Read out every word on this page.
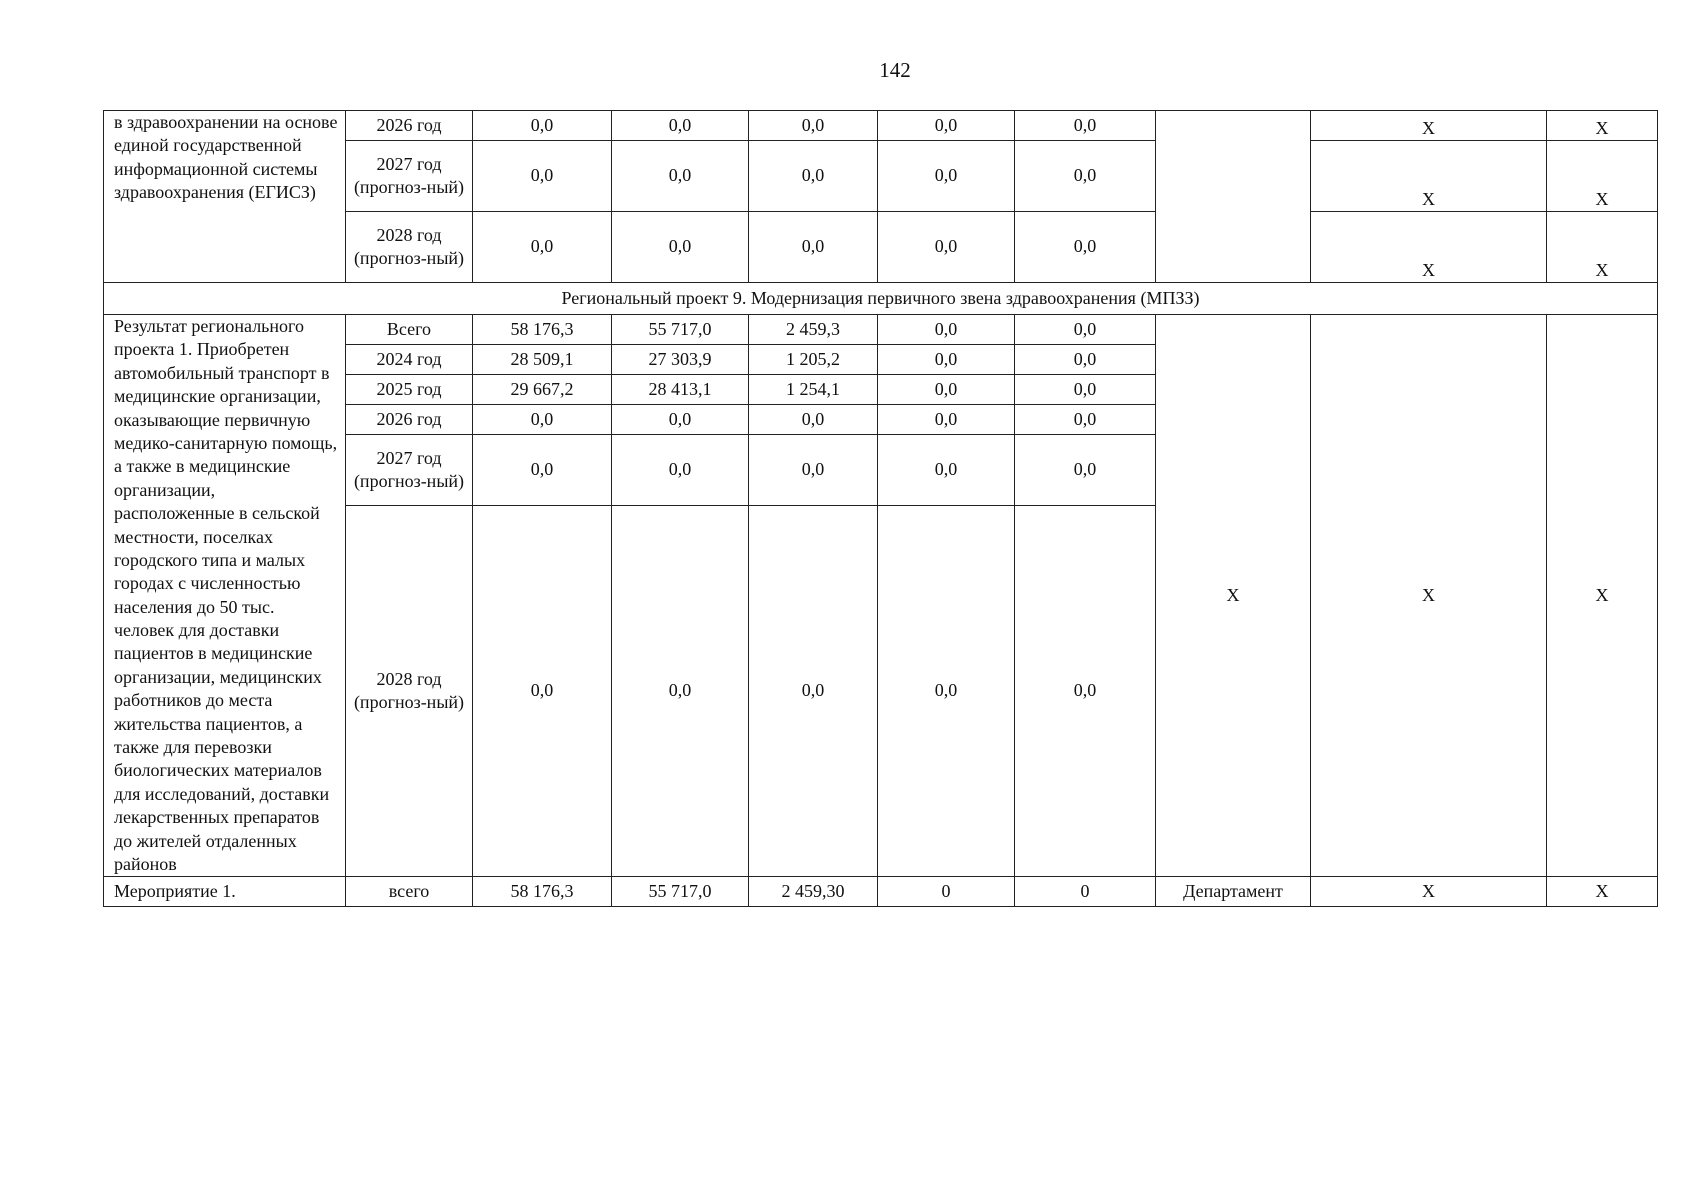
142
в здравоохранении на основе единой государственной информационной системы здравоохранения (ЕГИСЗ)	2026 год	0,0	0,0	0,0	0,0	0,0		X	X
	2027 год (прогноз-ный)	0,0	0,0	0,0	0,0	0,0		X	X
	2028 год (прогноз-ный)	0,0	0,0	0,0	0,0	0,0		X	X
Региональный проект 9. Модернизация первичного звена здравоохранения (МПЗЗ)									
Результат регионального проекта 1. Приобретен автомобильный транспорт в медицинские организации, оказывающие первичную медико-санитарную помощь, а также в медицинские организации, расположенные в сельской местности, поселках городского типа и малых городах с численностью населения до 50 тыс. человек для доставки пациентов в медицинские организации, медицинских работников до места жительства пациентов, а также для перевозки биологических материалов для исследований, доставки лекарственных препаратов до жителей отдаленных районов	Всего	58 176,3	55 717,0	2 459,3	0,0	0,0	X	X	X
	2024 год	28 509,1	27 303,9	1 205,2	0,0	0,0			
	2025 год	29 667,2	28 413,1	1 254,1	0,0	0,0			
	2026 год	0,0	0,0	0,0	0,0	0,0			
	2027 год (прогноз-ный)	0,0	0,0	0,0	0,0	0,0			
	2028 год (прогноз-ный)	0,0	0,0	0,0	0,0	0,0			
Мероприятие 1.	всего	58 176,3	55 717,0	2 459,30	0	0	Департамент	X	X
